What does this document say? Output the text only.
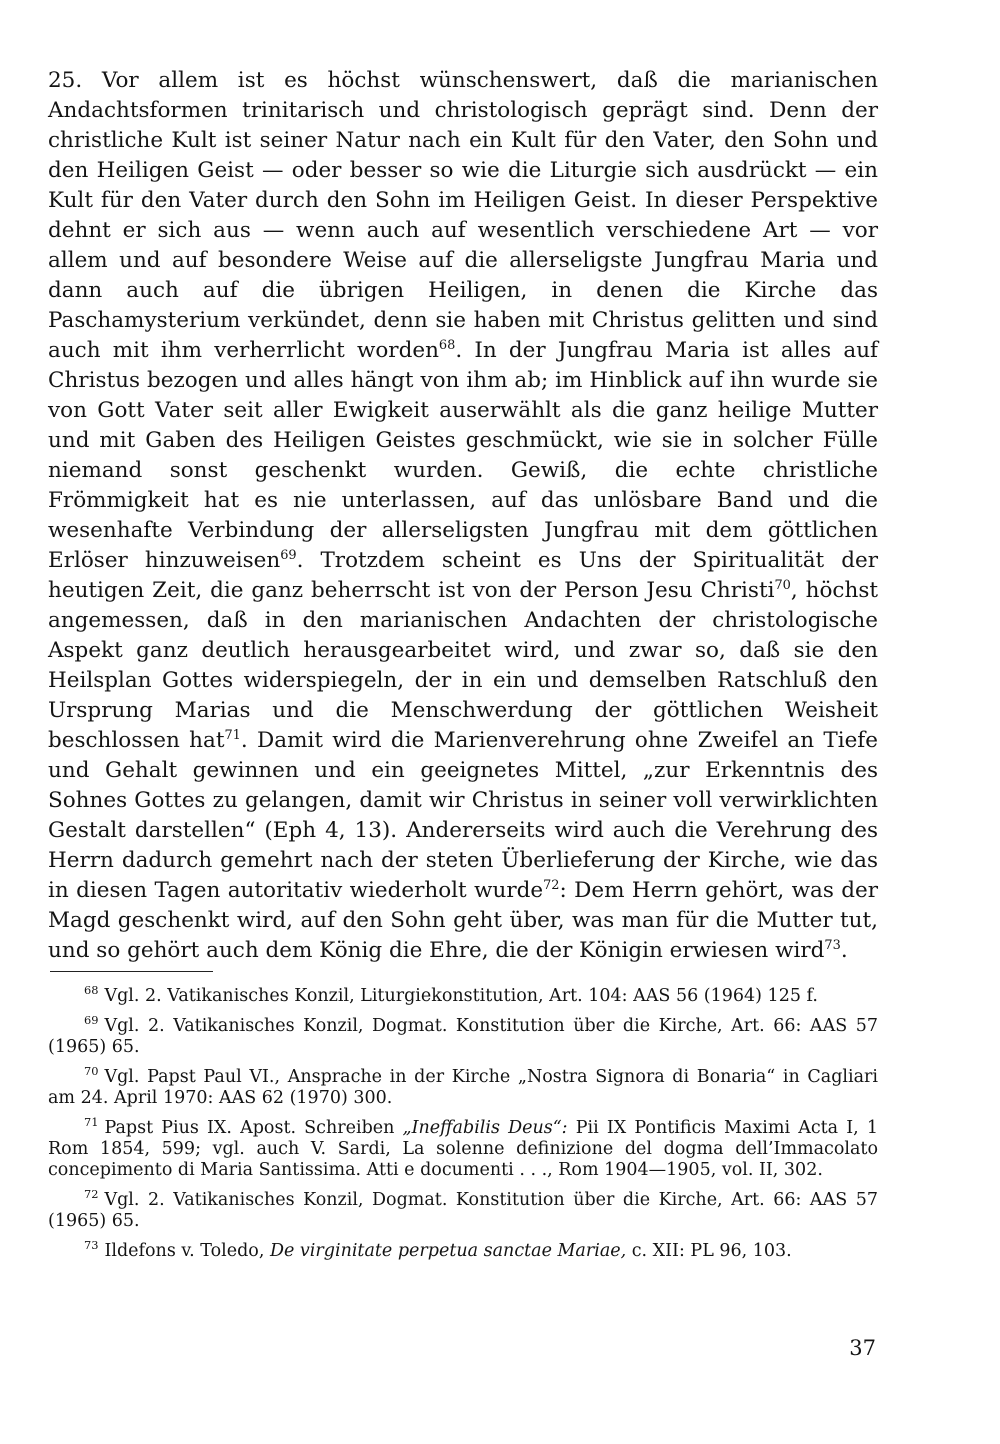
25. Vor allem ist es höchst wünschenswert, daß die marianischen Andachtsformen trinitarisch und christologisch geprägt sind. Denn der christliche Kult ist seiner Natur nach ein Kult für den Vater, den Sohn und den Heiligen Geist — oder besser so wie die Liturgie sich ausdrückt — ein Kult für den Vater durch den Sohn im Heiligen Geist. In dieser Perspektive dehnt er sich aus — wenn auch auf wesentlich verschiedene Art — vor allem und auf besondere Weise auf die allerseligste Jungfrau Maria und dann auch auf die übrigen Heiligen, in denen die Kirche das Paschamysterium verkündet, denn sie haben mit Christus gelitten und sind auch mit ihm verherrlicht worden$^{68}$. In der Jungfrau Maria ist alles auf Christus bezogen und alles hängt von ihm ab; im Hinblick auf ihn wurde sie von Gott Vater seit aller Ewigkeit auserwählt als die ganz heilige Mutter und mit Gaben des Heiligen Geistes geschmückt, wie sie in solcher Fülle niemand sonst geschenkt wurden. Gewiß, die echte christliche Frömmigkeit hat es nie unterlassen, auf das unlösbare Band und die wesenhafte Verbindung der allerseligsten Jungfrau mit dem göttlichen Erlöser hinzuweisen$^{69}$. Trotzdem scheint es Uns der Spiritualität der heutigen Zeit, die ganz beherrscht ist von der Person Jesu Christi$^{70}$, höchst angemessen, daß in den marianischen Andachten der christologische Aspekt ganz deutlich herausgearbeitet wird, und zwar so, daß sie den Heilsplan Gottes widerspiegeln, der in ein und demselben Ratschluß den Ursprung Marias und die Menschwerdung der göttlichen Weisheit beschlossen hat$^{71}$. Damit wird die Marienverehrung ohne Zweifel an Tiefe und Gehalt gewinnen und ein geeignetes Mittel, „zur Erkenntnis des Sohnes Gottes zu gelangen, damit wir Christus in seiner voll verwirklichten Gestalt darstellen“ (Eph 4, 13). Andererseits wird auch die Verehrung des Herrn dadurch gemehrt nach der steten Überlieferung der Kirche, wie das in diesen Tagen autoritativ wiederholt wurde$^{72}$: Dem Herrn gehört, was der Magd geschenkt wird, auf den Sohn geht über, was man für die Mutter tut, und so gehört auch dem König die Ehre, die der Königin erwiesen wird$^{73}$.

$^{68}$ Vgl. 2. Vatikanisches Konzil, Liturgiekonstitution, Art. 104: AAS 56 (1964) 125 f.

$^{69}$ Vgl. 2. Vatikanisches Konzil, Dogmat. Konstitution über die Kirche, Art. 66: AAS 57 (1965) 65.

$^{70}$ Vgl. Papst Paul VI., Ansprache in der Kirche „Nostra Signora di Bonaria“ in Cagliari am 24. April 1970: AAS 62 (1970) 300.

$^{71}$ Papst Pius IX. Apost. Schreiben „Ineffabilis Deus“: Pii IX Pontificis Maximi Acta I, 1 Rom 1854, 599; vgl. auch V. Sardi, La solenne definizione del dogma dell’Immacolato concepimento di Maria Santissima. Atti e documenti . . ., Rom 1904—1905, vol. II, 302.

$^{72}$ Vgl. 2. Vatikanisches Konzil, Dogmat. Konstitution über die Kirche, Art. 66: AAS 57 (1965) 65.

$^{73}$ Ildefons v. Toledo, De virginitate perpetua sanctae Mariae, c. XII: PL 96, 103.

37
